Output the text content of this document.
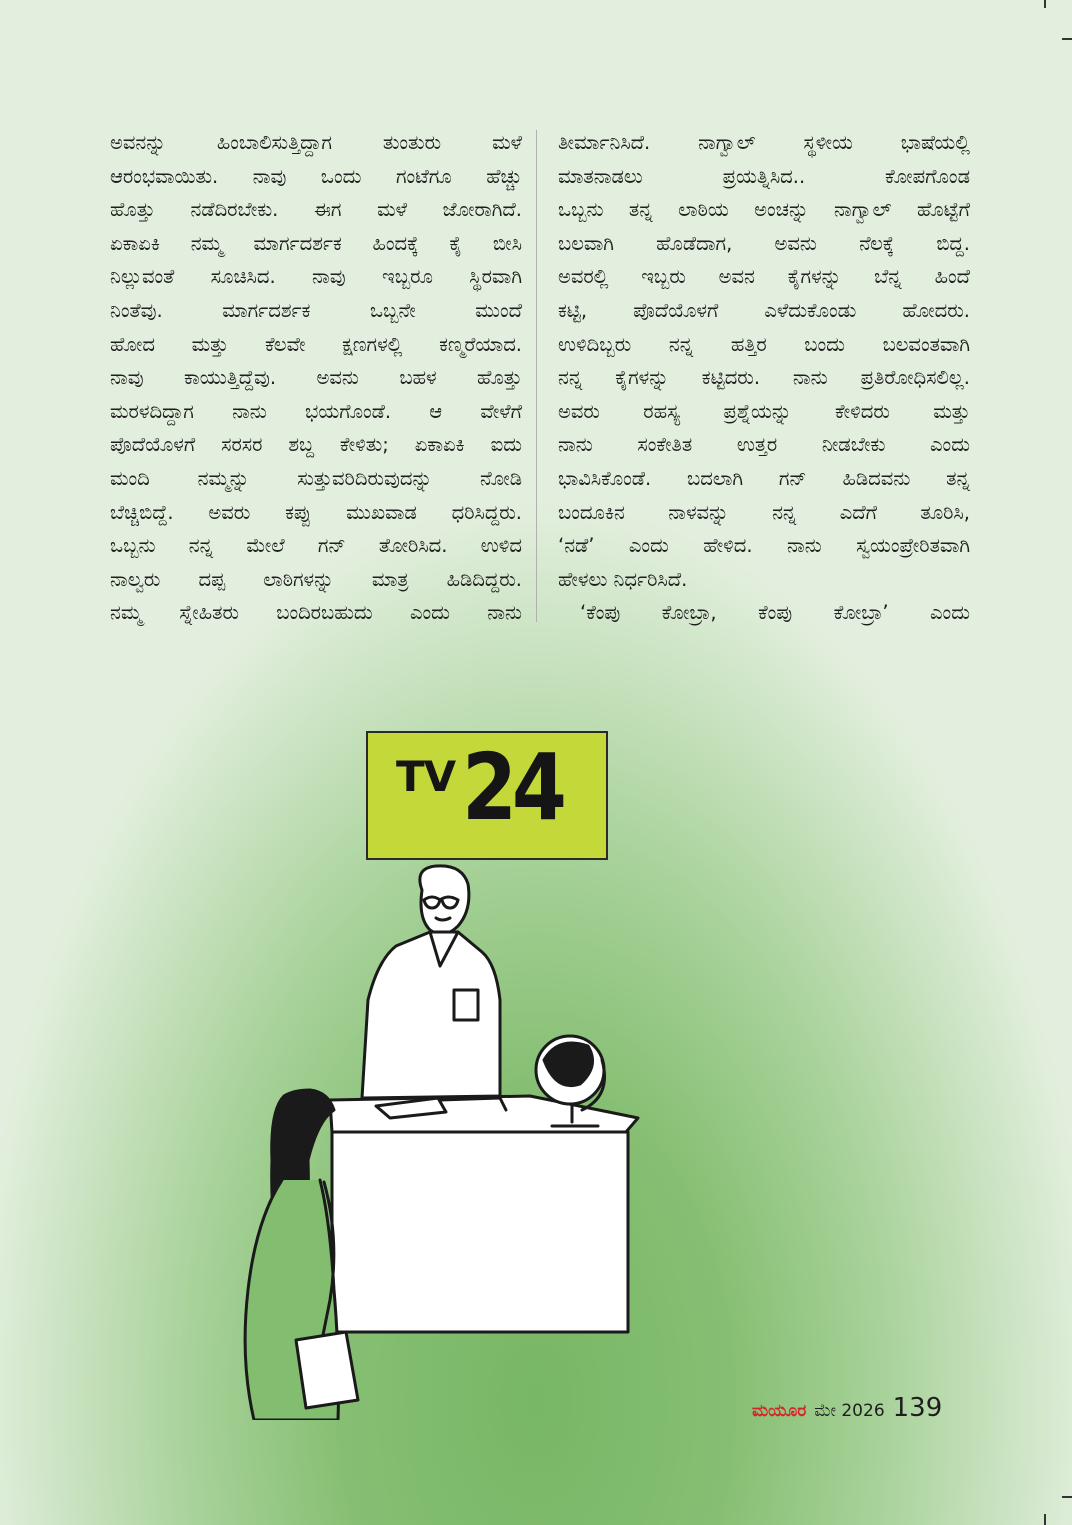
ಅವನನ್ನು ಹಿಂಬಾಲಿಸುತ್ತಿದ್ದಾಗ ತುಂತುರು ಮಳೆ
ಆರಂಭವಾಯಿತು. ನಾವು ಒಂದು ಗಂಟೆಗೂ ಹೆಚ್ಚು
ಹೊತ್ತು ನಡೆದಿರಬೇಕು. ಈಗ ಮಳೆ ಜೋರಾಗಿದೆ.
ಏಕಾಏಕಿ ನಮ್ಮ ಮಾರ್ಗದರ್ಶಕ ಹಿಂದಕ್ಕೆ ಕೈ ಬೀಸಿ
ನಿಲ್ಲುವಂತೆ ಸೂಚಿಸಿದ. ನಾವು ಇಬ್ಬರೂ ಸ್ಥಿರವಾಗಿ
ನಿಂತೆವು. ಮಾರ್ಗದರ್ಶಕ ಒಬ್ಬನೇ ಮುಂದೆ
ಹೋದ ಮತ್ತು ಕೆಲವೇ ಕ್ಷಣಗಳಲ್ಲಿ ಕಣ್ಮರೆಯಾದ.
ನಾವು ಕಾಯುತ್ತಿದ್ದೆವು. ಅವನು ಬಹಳ ಹೊತ್ತು
ಮರಳದಿದ್ದಾಗ ನಾನು ಭಯಗೊಂಡೆ. ಆ ವೇಳೆಗೆ
ಪೊದೆಯೊಳಗೆ ಸರಸರ ಶಬ್ದ ಕೇಳಿತು; ಏಕಾಏಕಿ ಐದು
ಮಂದಿ ನಮ್ಮನ್ನು ಸುತ್ತುವರಿದಿರುವುದನ್ನು ನೋಡಿ
ಬೆಚ್ಚಿಬಿದ್ದೆ. ಅವರು ಕಪ್ಪು ಮುಖವಾಡ ಧರಿಸಿದ್ದರು.
ಒಬ್ಬನು ನನ್ನ ಮೇಲೆ ಗನ್ ತೋರಿಸಿದ. ಉಳಿದ
ನಾಲ್ವರು ದಪ್ಪ ಲಾಠಿಗಳನ್ನು ಮಾತ್ರ ಹಿಡಿದಿದ್ದರು.
ನಮ್ಮ ಸ್ನೇಹಿತರು ಬಂದಿರಬಹುದು ಎಂದು ನಾನು
ತೀರ್ಮಾನಿಸಿದೆ. ನಾಗ್ವಾಲ್ ಸ್ಥಳೀಯ ಭಾಷೆಯಲ್ಲಿ
ಮಾತನಾಡಲು ಪ್ರಯತ್ನಿಸಿದ.. ಕೋಪಗೊಂಡ
ಒಬ್ಬನು ತನ್ನ ಲಾಠಿಯ ಅಂಚನ್ನು ನಾಗ್ವಾಲ್ ಹೊಟ್ಟೆಗೆ
ಬಲವಾಗಿ ಹೊಡೆದಾಗ, ಅವನು ನೆಲಕ್ಕೆ ಬಿದ್ದ.
ಅವರಲ್ಲಿ ಇಬ್ಬರು ಅವನ ಕೈಗಳನ್ನು ಬೆನ್ನ ಹಿಂದೆ
ಕಟ್ಟಿ, ಪೊದೆಯೊಳಗೆ ಎಳೆದುಕೊಂಡು ಹೋದರು.
ಉಳಿದಿಬ್ಬರು ನನ್ನ ಹತ್ತಿರ ಬಂದು ಬಲವಂತವಾಗಿ
ನನ್ನ ಕೈಗಳನ್ನು ಕಟ್ಟಿದರು. ನಾನು ಪ್ರತಿರೋಧಿಸಲಿಲ್ಲ.
ಅವರು ರಹಸ್ಯ ಪ್ರಶ್ನೆಯನ್ನು ಕೇಳಿದರು ಮತ್ತು
ನಾನು ಸಂಕೇತಿತ ಉತ್ತರ ನೀಡಬೇಕು ಎಂದು
ಭಾವಿಸಿಕೊಂಡೆ. ಬದಲಾಗಿ ಗನ್ ಹಿಡಿದವನು ತನ್ನ
ಬಂದೂಕಿನ ನಾಳವನ್ನು ನನ್ನ ಎದೆಗೆ ತೂರಿಸಿ,
‘ನಡೆ’ ಎಂದು ಹೇಳಿದ. ನಾನು ಸ್ವಯಂಪ್ರೇರಿತವಾಗಿ
ಹೇಳಲು ನಿರ್ಧರಿಸಿದೆ.
‘ಕೆಂಪು ಕೋಬ್ರಾ, ಕೆಂಪು ಕೋಬ್ರಾ’ ಎಂದು
TV 24
ಮಯೂರ ಮೇ 2026 139
